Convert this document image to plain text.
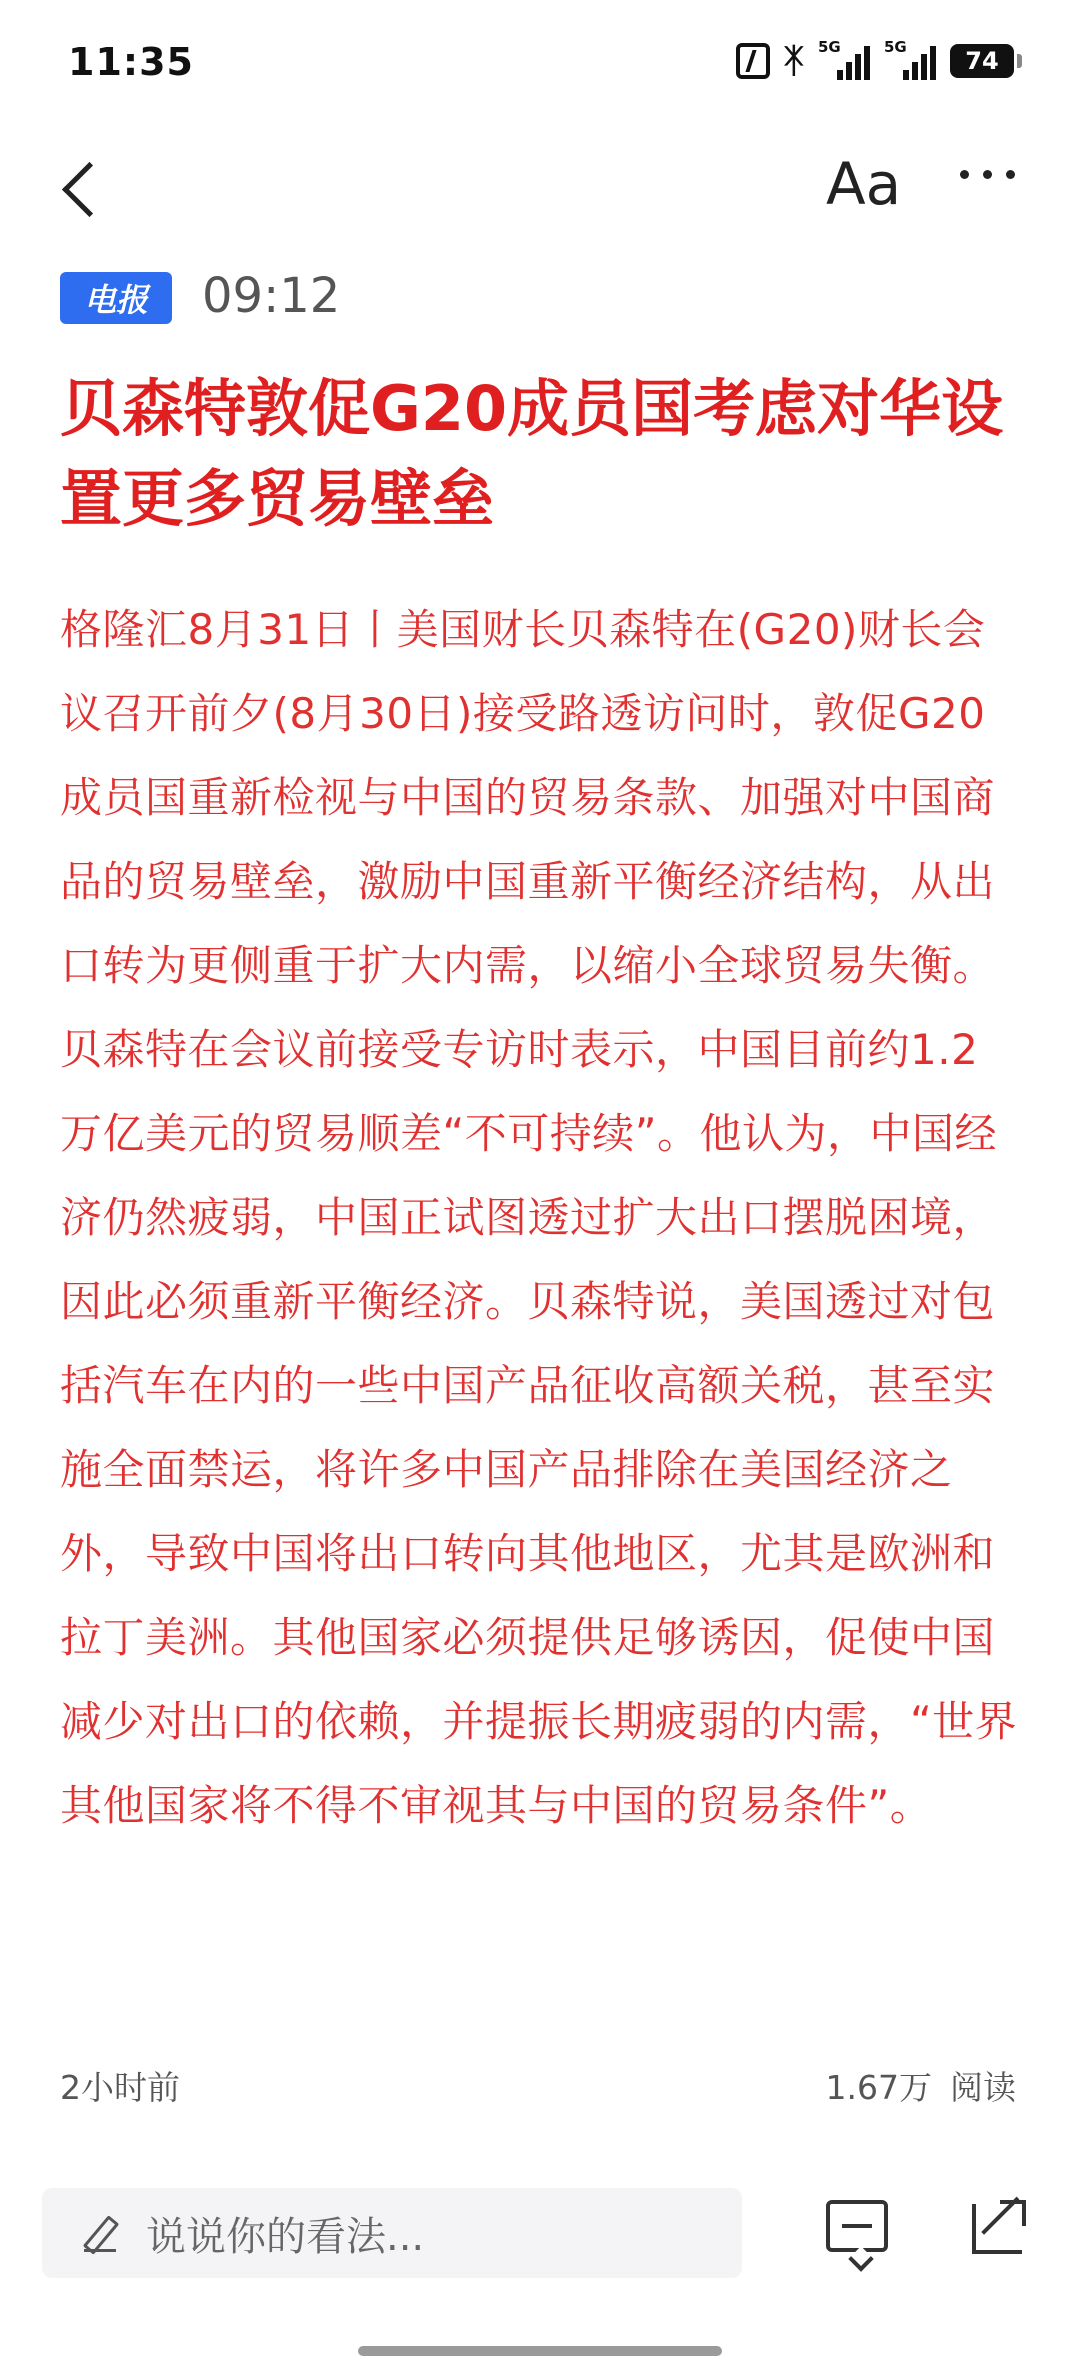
11:35	ᛡ 5G	5G	74
Aa
电报	09:12
贝森特敦促G20成员国考虑对华设置更多贸易壁垒

格隆汇8月31日丨美国财长贝森特在(G20)财长会议召开前夕(8月30日)接受路透访问时，敦促G20成员国重新检视与中国的贸易条款、加强对中国商品的贸易壁垒，激励中国重新平衡经济结构，从出口转为更侧重于扩大内需，以缩小全球贸易失衡。

贝森特在会议前接受专访时表示，中国目前约1.2万亿美元的贸易顺差“不可持续”。他认为，中国经济仍然疲弱，中国正试图透过扩大出口摆脱困境，因此必须重新平衡经济。贝森特说，美国透过对包括汽车在内的一些中国产品征收高额关税，甚至实施全面禁运，将许多中国产品排除在美国经济之外，导致中国将出口转向其他地区，尤其是欧洲和拉丁美洲。其他国家必须提供足够诱因，促使中国减少对出口的依赖，并提振长期疲弱的内需，“世界其他国家将不得不审视其与中国的贸易条件”。

2小时前	1.67万 阅读
说说你的看法...
